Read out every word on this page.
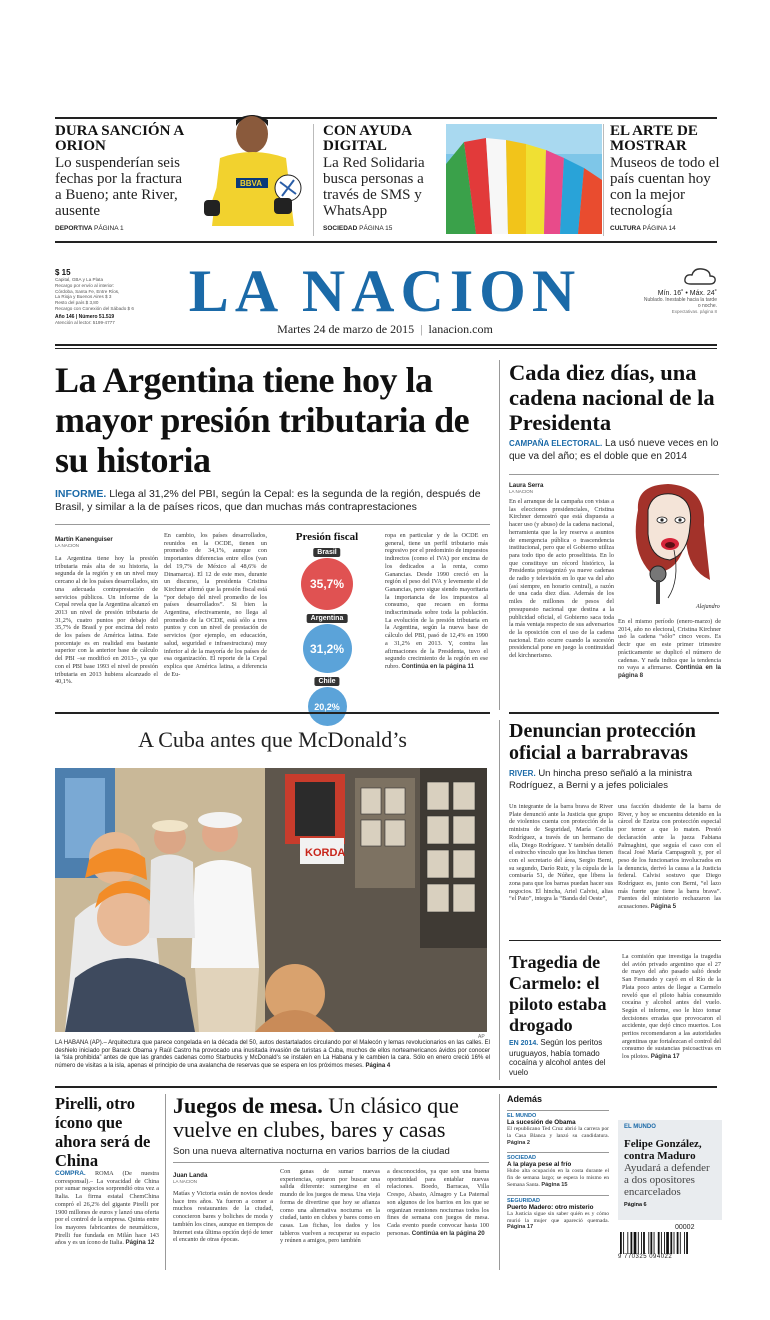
DURA SANCIÓN A ORION
Lo suspenderían seis fechas por la fractura a Bueno; ante River, ausente
DEPORTIVA PÁGINA 1
BBVA
CON AYUDA DIGITAL
La Red Solidaria busca personas a través de SMS y WhatsApp
SOCIEDAD PÁGINA 15
EL ARTE DE MOSTRAR
Museos de todo el país cuentan hoy con la mejor tecnología
CULTURA PÁGINA 14
$ 15
Capital, GBA y La Plata
Recargo por envío al interior:
Córdoba, Santa Fe, Entre Ríos,
La Rioja y Buenos Aires $ 3
Resto del país $ 3,80
Recargo con Conexión del Sábado $ 6
Año 146 | Número 51.519
Atención al lector: 5199-4777	LA NACION
Martes 24 de marzo de 2015 | lanacion.com
Mín. 16˚ • Máx. 24˚
Nublado. Inestable hacia la tarde o noche.
Expectativas. página 8
La Argentina tiene hoy la mayor presión tributaria de su historia
INFORME. Llega al 31,2% del PBI, según la Cepal: es la segunda de la región, después de Brasil, y similar a la de países ricos, que dan muchas más contraprestaciones
Martín Kanenguiser
LA NACION
La Argentina tiene hoy la presión tributaria más alta de su historia, la segunda de la región y en un nivel muy cercano al de los países desarrollados, sin una adecuada contraprestación de servicios públicos. Un informe de la Cepal revela que la Argentina alcanzó en 2013 un nivel de presión tributaria de 31,2%, cuatro puntos por debajo del 35,7% de Brasil y por encima del resto de los países de América latina. Este porcentaje es en realidad era bastante superior con la anterior base de cálculo del PBI –se modificó en 2013–, ya que con el PBI base 1993 el nivel de presión tributaria en 2013 hubiera alcanzado el 40,1%.
En cambio, los países desarrollados, reunidos en la OCDE, tienen un promedio de 34,1%, aunque con importantes diferencias entre ellos (van del 19,7% de México al 48,6% de Dinamarca). El 12 de este mes, durante un discurso, la presidenta Cristina Kirchner afirmó que la presión fiscal está “por debajo del nivel promedio de los países desarrollados”. Si bien la Argentina, efectivamente, no llega al promedio de la OCDE, está sólo a tres puntos y con un nivel de prestación de servicios (por ejemplo, en educación, salud, seguridad e infraestructura) muy inferior al de la mayoría de los países de esa organización. El reporte de la Cepal explica que América latina, a diferencia de Eu-
Presión fiscal
Brasil
35,7%
Argentina
31,2%
Chile
20,2%
ropa en particular y de la OCDE en general, tiene un perfil tributario más regresivo por el predominio de impuestos indirectos (como el IVA) por encima de los dedicados a la renta, como Ganancias. Desde 1990 creció en la región el peso del IVA y levemente el de Ganancias, pero sigue siendo mayoritaria la importancia de los impuestos al consumo, que recaen en forma indiscriminada sobre toda la población. La evolución de la presión tributaria en la Argentina, según la nueva base de cálculo del PBI, pasó de 12,4% en 1990 a 31,2% en 2013. Y, contra las afirmaciones de la Presidenta, tuvo el segundo crecimiento de la región en ese rubro. Continúa en la página 11
Cada diez días, una cadena nacional de la Presidenta
CAMPAÑA ELECTORAL. La usó nueve veces en lo que va del año; es el doble que en 2014
Laura Serra
LA NACION
En el arranque de la campaña con vistas a las elecciones presidenciales, Cristina Kirchner demostró que está dispuesta a hacer uso (y abuso) de la cadena nacional, herramienta que la ley reserva a asuntos de emergencia pública o trascendencia institucional, pero que el Gobierno utiliza para todo tipo de acto proselitista. En lo que constituye un récord histórico, la Presidenta protagonizó ya nueve cadenas de radio y televisión en lo que va del año (así siempre, en horario central), a razón de una cada diez días. Además de los miles de millones de pesos del presupuesto nacional que destina a la publicidad oficial, el Gobierno saca toda la más ventaja respecto de sus adversarios de la oposición con el uso de la cadena nacional. Esto ocurre cuando la sucesión presidencial pone en juego la continuidad del kirchnerismo.
Alejandro
En el mismo período (enero-marzo) de 2014, año no electoral, Cristina Kirchner usó la cadena “sólo” cinco veces. Es decir que en este primer trimestre prácticamente se duplicó el número de cadenas. Y nada indica que la tendencia no vaya a afirmarse. Continúa en la página 8
A Cuba antes que McDonald’s
KORDA
AP
LA HABANA (AP).– Arquitectura que parece congelada en la década del 50, autos destartalados circulando por el Malecón y lemas revolucionarios en las calles. El deshielo iniciado por Barack Obama y Raúl Castro ha provocado una inusitada invasión de turistas a Cuba, muchos de ellos norteamericanos ávidos por conocer la “isla prohibida” antes de que las grandes cadenas como Starbucks y McDonald’s se instalen en La Habana y le cambien la cara. Sólo en enero creció 16% el número de visitas a la isla, apenas el principio de una avalancha de reservas que se espera en los próximos meses. Página 4
Denuncian protección oficial a barrabravas
RIVER. Un hincha preso señaló a la ministra Rodríguez, a Berni y a jefes policiales
Un integrante de la barra brava de River Plate denunció ante la Justicia que grupo de violentos cuenta con protección de la ministra de Seguridad, María Cecilia Rodríguez, a través de un hermano de ella, Diego Rodríguez. Y también detalló el estrecho vínculo que los hinchas tienen con el secretario del área, Sergio Berni, su segundo, Darío Ruiz, y la cúpula de la comisaría 51, de Núñez, que libera la zona para que los barras puedan hacer sus negocios. El hincha, Ariel Calvisi, alias “el Pato”, integra la “Banda del Oeste”,
una facción disidente de la barra de River, y hoy se encuentra detenido en la cárcel de Ezeiza con protección especial por temor a que lo maten. Prestó declaración ante la jueza Fabiana Palmaghini, que seguía el caso con el fiscal José María Campagnoli y, por el peso de los funcionarios involucrados en la denuncia, derivó la causa a la Justicia federal. Calvisi sostuvo que Diego Rodríguez es, junto con Berni, “el lazo más fuerte que tiene la barra brava”. Fuentes del ministerio rechazaron las acusaciones. Página 5
Tragedia de Carmelo: el piloto estaba drogado
EN 2014. Según los peritos uruguayos, había tomado cocaína y alcohol antes del vuelo
La comisión que investiga la tragedia del avión privado argentino que el 27 de mayo del año pasado salió desde San Fernando y cayó en el Río de la Plata poco antes de llegar a Carmelo reveló que el piloto había consumido cocaína y alcohol antes del vuelo. Según el informe, eso le hizo tomar decisiones erradas que provocaron el accidente, que dejó cinco muertos. Los peritos recomendaron a las autoridades argentinas que fortalezcan el control del consumo de sustancias psicoactivas en los pilotos. Página 17
Pirelli, otro ícono que ahora será de China
COMPRA. ROMA (De nuestra corresponsal).– La voracidad de China por sumar negocios sorprendió otra vez a Italia. La firma estatal ChemChina compró el 26,2% del gigante Pirelli por 1900 millones de euros y lanzó una oferta por el control de la empresa. Quinta entre los mayores fabricantes de neumáticos, Pirelli fue fundada en Milán hace 143 años y es un ícono de Italia. Página 12
Juegos de mesa. Un clásico que vuelve en clubes, bares y casas
Son una nueva alternativa nocturna en varios barrios de la ciudad
Juan Landa
LA NACION
Matías y Victoria están de novios desde hace tres años. Ya fueron a comer a muchos restaurantes de la ciudad, conocieron bares y boliches de moda y también los cines, aunque en tiempos de Internet esta última opción dejó de tener el encanto de otras épocas.
Con ganas de sumar nuevas experiencias, optaron por buscar una salida diferente: sumergirse en el mundo de los juegos de mesa. Una vieja forma de divertirse que hoy se afianza como una alternativa nocturna en la ciudad, tanto en clubes y bares como en casas. Las fichas, los dados y los tableros vuelven a recuperar su espacio y reúnen a amigos, pero también
a desconocidos, ya que son una buena oportunidad para entablar nuevas relaciones. Boedo, Barracas, Villa Crespo, Abasto, Almagro y La Paternal son algunos de los barrios en los que se organizan reuniones nocturnas todos los fines de semana con juegos de mesa. Cada evento puede convocar hasta 100 personas. Continúa en la página 20
Además
EL MUNDO
La sucesión de Obama
El republicano Ted Cruz abrió la carrera por la Casa Blanca y lanzó su candidatura. Página 2
SOCIEDAD
A la playa pese al frío
Hubo alta ocupación en la costa durante el fin de semana largo; se espera lo mismo en Semana Santa. Página 15
SEGURIDAD
Puerto Madero: otro misterio
La Justicia sigue sin saber quién es y cómo murió la mujer que apareció quemada. Página 17
EL MUNDO
Felipe González, contra Maduro
Ayudará a defender a dos opositores encarcelados
Página 6
00002
9 770325 094022
